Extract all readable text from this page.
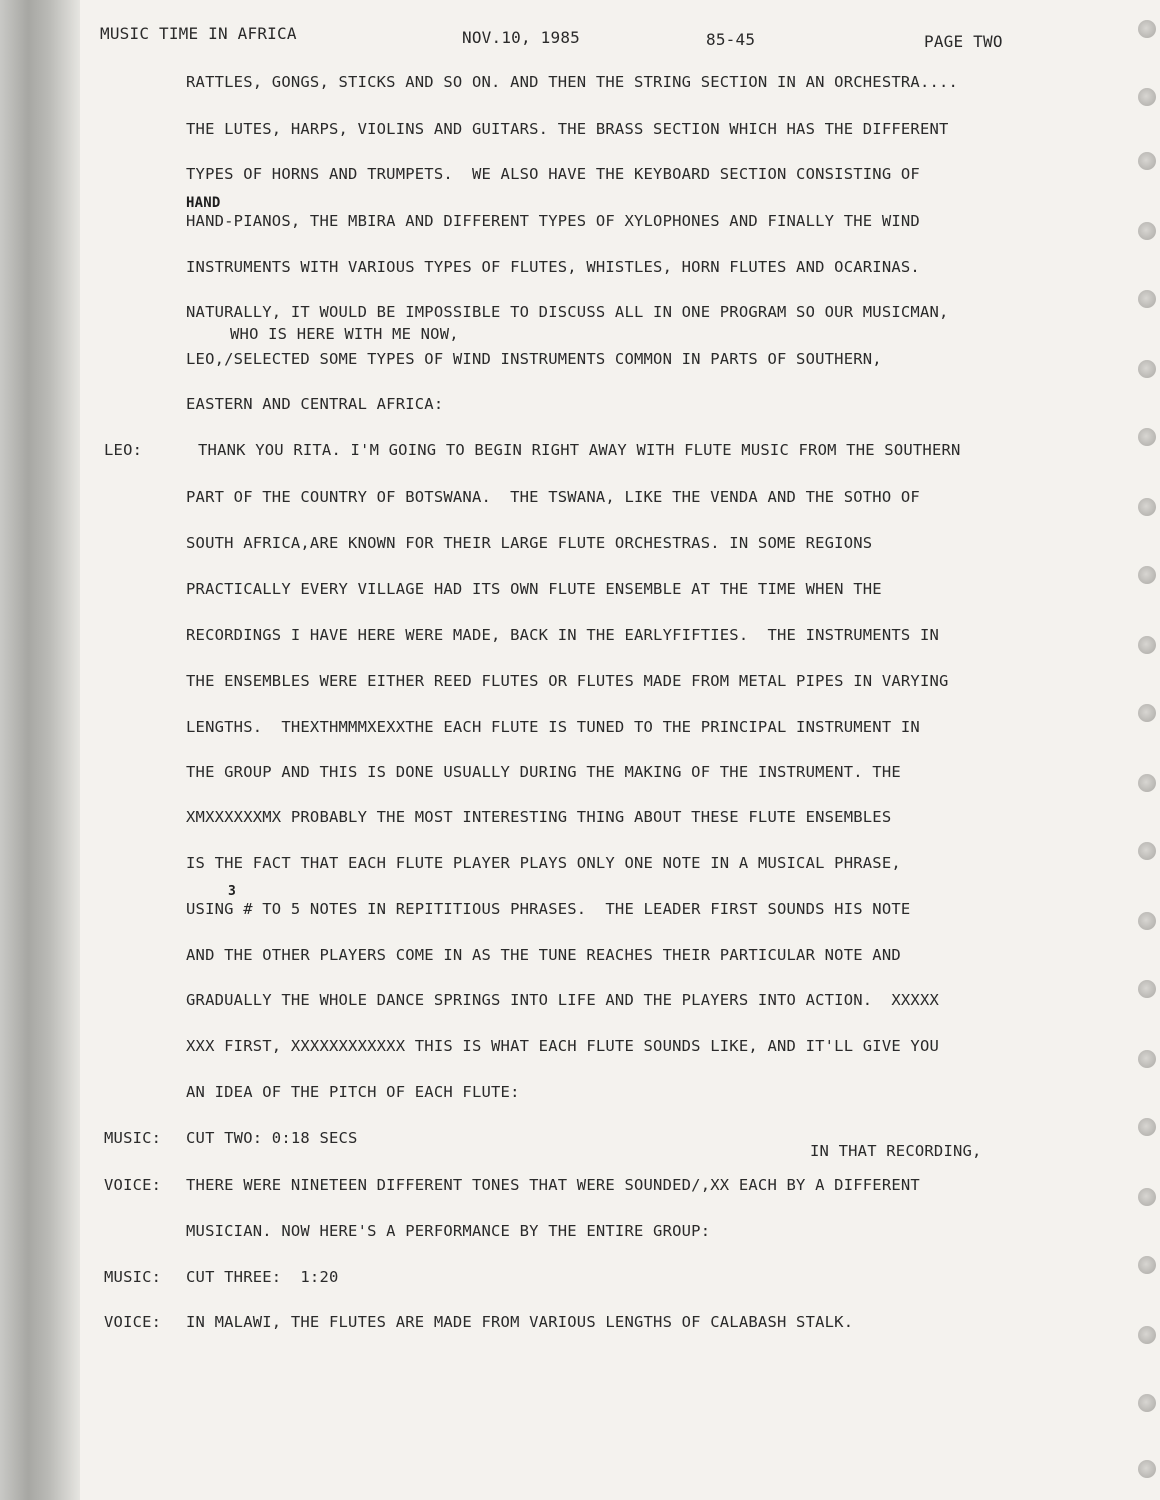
MUSIC TIME IN AFRICA	NOV.10, 1985	85-45	PAGE TWO
RATTLES, GONGS, STICKS AND SO ON. AND THEN THE STRING SECTION IN AN ORCHESTRA....
THE LUTES, HARPS, VIOLINS AND GUITARS. THE BRASS SECTION WHICH HAS THE DIFFERENT
TYPES OF HORNS AND TRUMPETS.  WE ALSO HAVE THE KEYBOARD SECTION CONSISTING OF
HAND
HAND-PIANOS, THE MBIRA AND DIFFERENT TYPES OF XYLOPHONES AND FINALLY THE WIND
INSTRUMENTS WITH VARIOUS TYPES OF FLUTES, WHISTLES, HORN FLUTES AND OCARINAS.
NATURALLY, IT WOULD BE IMPOSSIBLE TO DISCUSS ALL IN ONE PROGRAM SO OUR MUSICMAN,
WHO IS HERE WITH ME NOW,
LEO,/SELECTED SOME TYPES OF WIND INSTRUMENTS COMMON IN PARTS OF SOUTHERN,
EASTERN AND CENTRAL AFRICA:
LEO:	THANK YOU RITA. I'M GOING TO BEGIN RIGHT AWAY WITH FLUTE MUSIC FROM THE SOUTHERN
PART OF THE COUNTRY OF BOTSWANA.  THE TSWANA, LIKE THE VENDA AND THE SOTHO OF
SOUTH AFRICA,ARE KNOWN FOR THEIR LARGE FLUTE ORCHESTRAS. IN SOME REGIONS
PRACTICALLY EVERY VILLAGE HAD ITS OWN FLUTE ENSEMBLE AT THE TIME WHEN THE
RECORDINGS I HAVE HERE WERE MADE, BACK IN THE EARLYFIFTIES.  THE INSTRUMENTS IN
THE ENSEMBLES WERE EITHER REED FLUTES OR FLUTES MADE FROM METAL PIPES IN VARYING
LENGTHS.  THEXTHMMMXEXXTHE EACH FLUTE IS TUNED TO THE PRINCIPAL INSTRUMENT IN
THE GROUP AND THIS IS DONE USUALLY DURING THE MAKING OF THE INSTRUMENT. THE
XMXXXXXXMX PROBABLY THE MOST INTERESTING THING ABOUT THESE FLUTE ENSEMBLES
IS THE FACT THAT EACH FLUTE PLAYER PLAYS ONLY ONE NOTE IN A MUSICAL PHRASE,
3
USING # TO 5 NOTES IN REPITITIOUS PHRASES.  THE LEADER FIRST SOUNDS HIS NOTE
AND THE OTHER PLAYERS COME IN AS THE TUNE REACHES THEIR PARTICULAR NOTE AND
GRADUALLY THE WHOLE DANCE SPRINGS INTO LIFE AND THE PLAYERS INTO ACTION.  XXXXX
XXX FIRST, XXXXXXXXXXXX THIS IS WHAT EACH FLUTE SOUNDS LIKE, AND IT'LL GIVE YOU
AN IDEA OF THE PITCH OF EACH FLUTE:
MUSIC: CUT TWO: 0:18 SECS
IN THAT RECORDING,
VOICE: THERE WERE NINETEEN DIFFERENT TONES THAT WERE SOUNDED/,XX EACH BY A DIFFERENT
MUSICIAN. NOW HERE'S A PERFORMANCE BY THE ENTIRE GROUP:
MUSIC: CUT THREE:  1:20
VOICE: IN MALAWI, THE FLUTES ARE MADE FROM VARIOUS LENGTHS OF CALABASH STALK.
